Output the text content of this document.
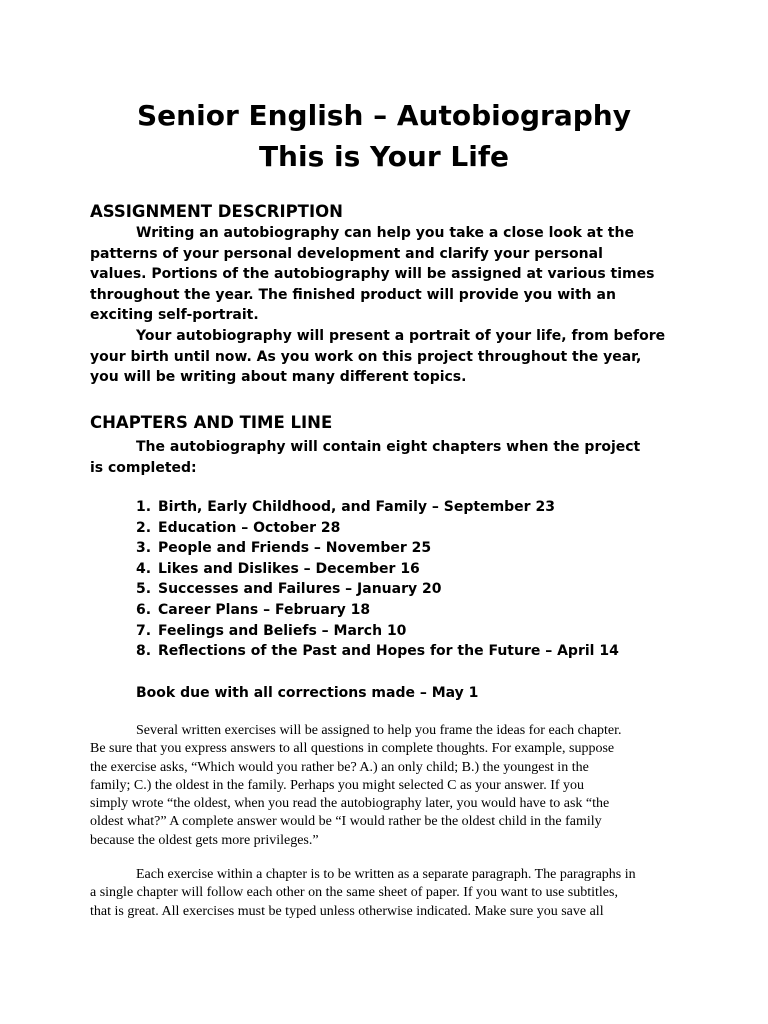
Senior English – Autobiography
This is Your Life
ASSIGNMENT DESCRIPTION
Writing an autobiography can help you take a close look at the
patterns of your personal development and clarify your personal
values. Portions of the autobiography will be assigned at various times
throughout the year. The finished product will provide you with an
exciting self-portrait.
Your autobiography will present a portrait of your life, from before
your birth until now. As you work on this project throughout the year,
you will be writing about many different topics.
CHAPTERS AND TIME LINE
The autobiography will contain eight chapters when the project
is completed:
1. Birth, Early Childhood, and Family – September 23
2. Education – October 28
3. People and Friends – November 25
4. Likes and Dislikes – December 16
5. Successes and Failures – January 20
6. Career Plans – February 18
7. Feelings and Beliefs – March 10
8. Reflections of the Past and Hopes for the Future – April 14
Book due with all corrections made – May 1
Several written exercises will be assigned to help you frame the ideas for each chapter.
Be sure that you express answers to all questions in complete thoughts. For example, suppose
the exercise asks, “Which would you rather be? A.) an only child; B.) the youngest in the
family; C.) the oldest in the family. Perhaps you might selected C as your answer. If you
simply wrote “the oldest, when you read the autobiography later, you would have to ask “the
oldest what?” A complete answer would be “I would rather be the oldest child in the family
because the oldest gets more privileges.”
Each exercise within a chapter is to be written as a separate paragraph. The paragraphs in
a single chapter will follow each other on the same sheet of paper. If you want to use subtitles,
that is great. All exercises must be typed unless otherwise indicated. Make sure you save all
